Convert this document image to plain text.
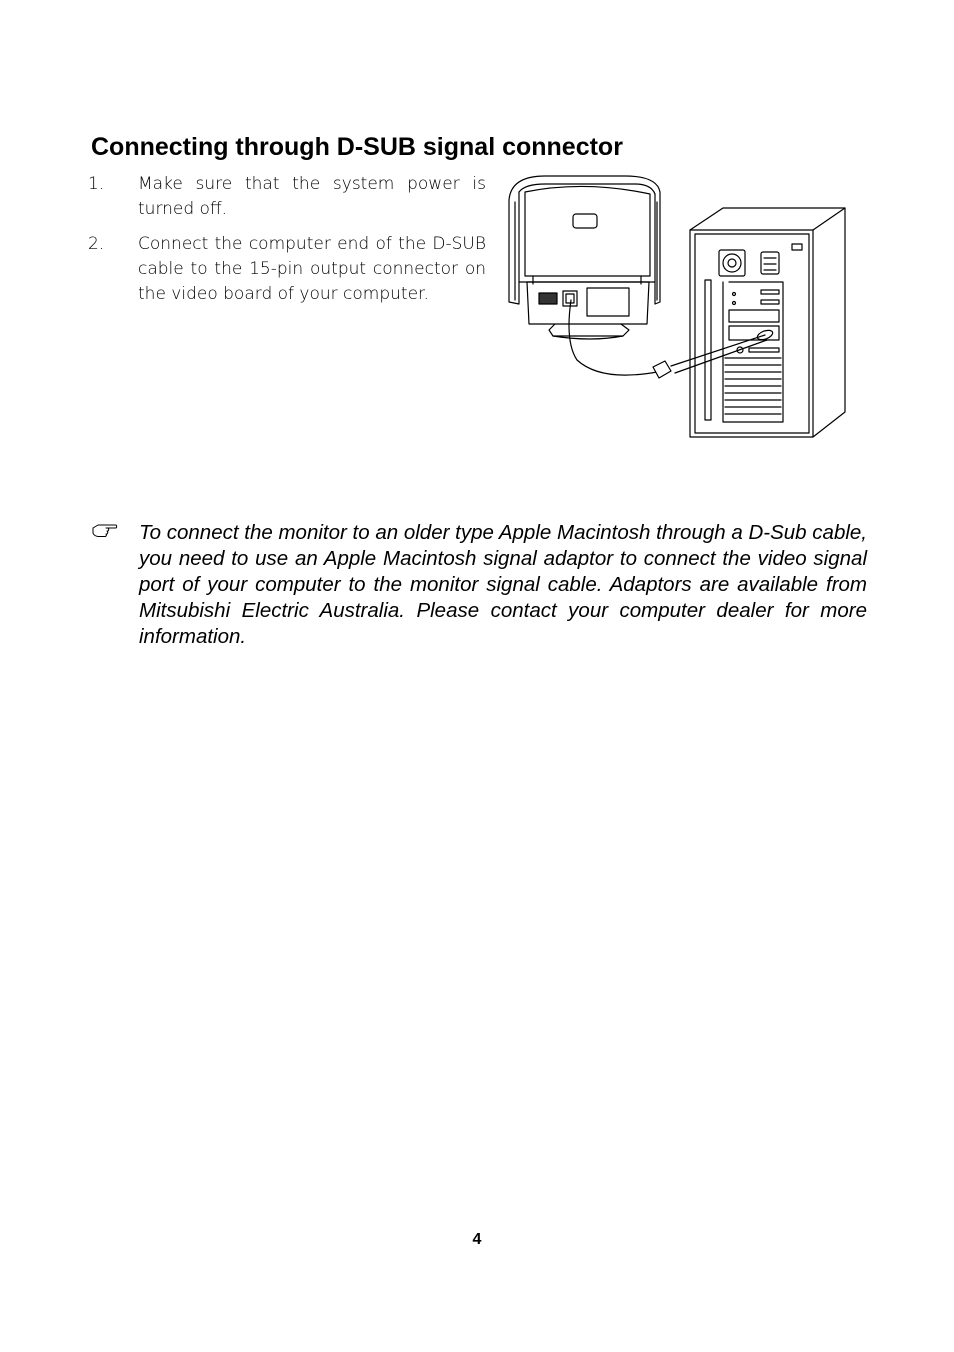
Connecting through D-SUB signal connector
1.	Make sure that the system power is turned off.
2.	Connect the computer end of the D-SUB cable to the 15-pin output connector on the video board of your computer.

To connect the monitor to an older type Apple Macintosh through a D-Sub cable, you need to use an Apple Macintosh signal adaptor to connect the video signal port of your computer to the monitor signal cable. Adaptors are available from Mitsubishi Electric Australia. Please contact your computer dealer for more information.

4
